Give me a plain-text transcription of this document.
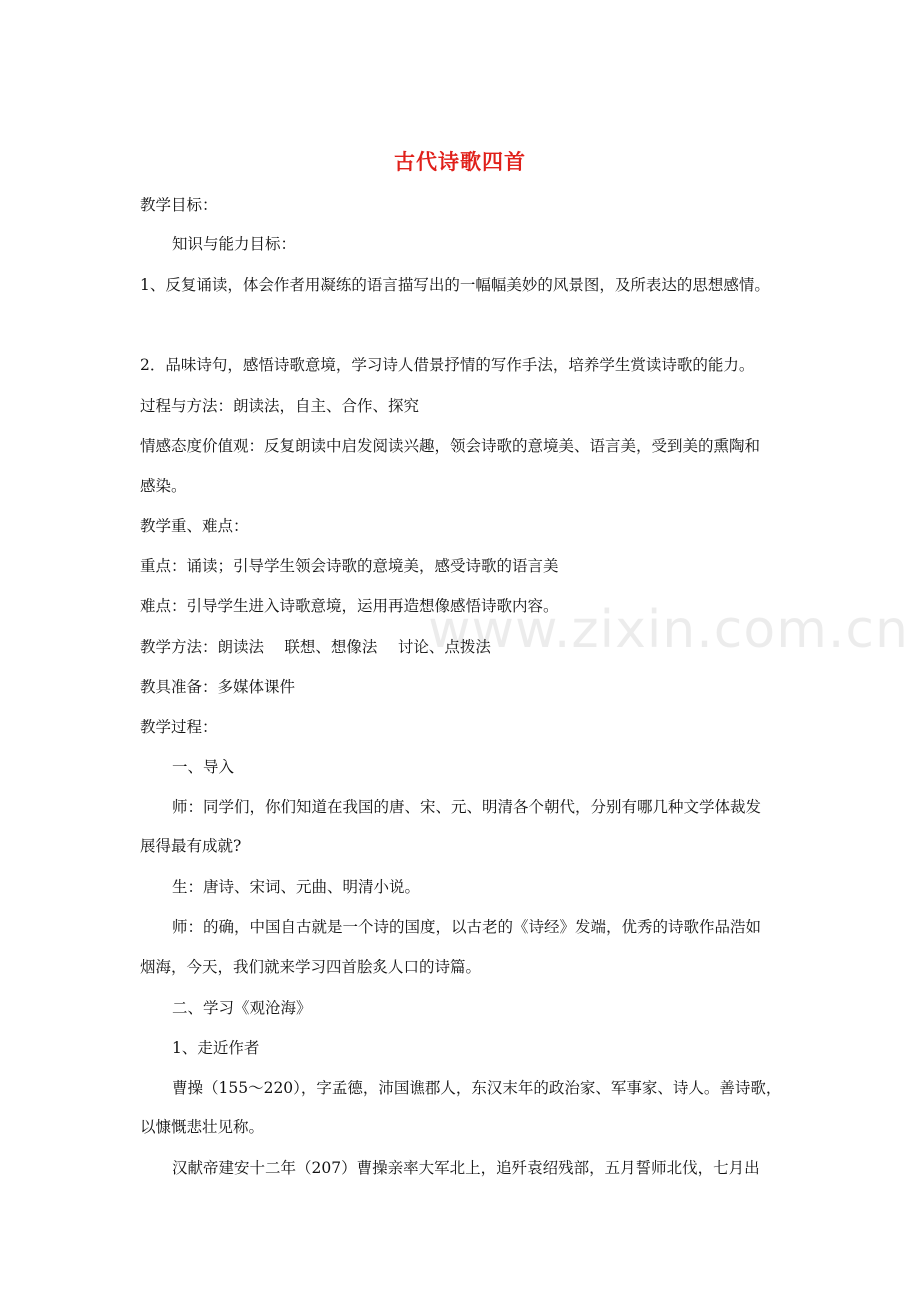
www.zixin.com.cn
古代诗歌四首
教学目标：
知识与能力目标：
1、反复诵读，体会作者用凝练的语言描写出的一幅幅美妙的风景图，及所表达的思想感情。
2．品味诗句，感悟诗歌意境，学习诗人借景抒情的写作手法，培养学生赏读诗歌的能力。
过程与方法：朗读法，自主、合作、探究
情感态度价值观：反复朗读中启发阅读兴趣，领会诗歌的意境美、语言美，受到美的熏陶和
感染。
教学重、难点：
重点：诵读；引导学生领会诗歌的意境美，感受诗歌的语言美
难点：引导学生进入诗歌意境，运用再造想像感悟诗歌内容。
教学方法：朗读法　 联想、想像法　 讨论、点拨法
教具准备：多媒体课件
教学过程：
一、导入
师：同学们，你们知道在我国的唐、宋、元、明清各个朝代，分别有哪几种文学体裁发
展得最有成就?
生：唐诗、宋词、元曲、明清小说。
师：的确，中国自古就是一个诗的国度，以古老的《诗经》发端，优秀的诗歌作品浩如
烟海，今天，我们就来学习四首脍炙人口的诗篇。
二、学习《观沧海》
1、走近作者
曹操（155～220），字孟德，沛国谯郡人，东汉末年的政治家、军事家、诗人。善诗歌，
以慷慨悲壮见称。
汉献帝建安十二年（207）曹操亲率大军北上，追歼袁绍残部，五月誓师北伐，七月出
